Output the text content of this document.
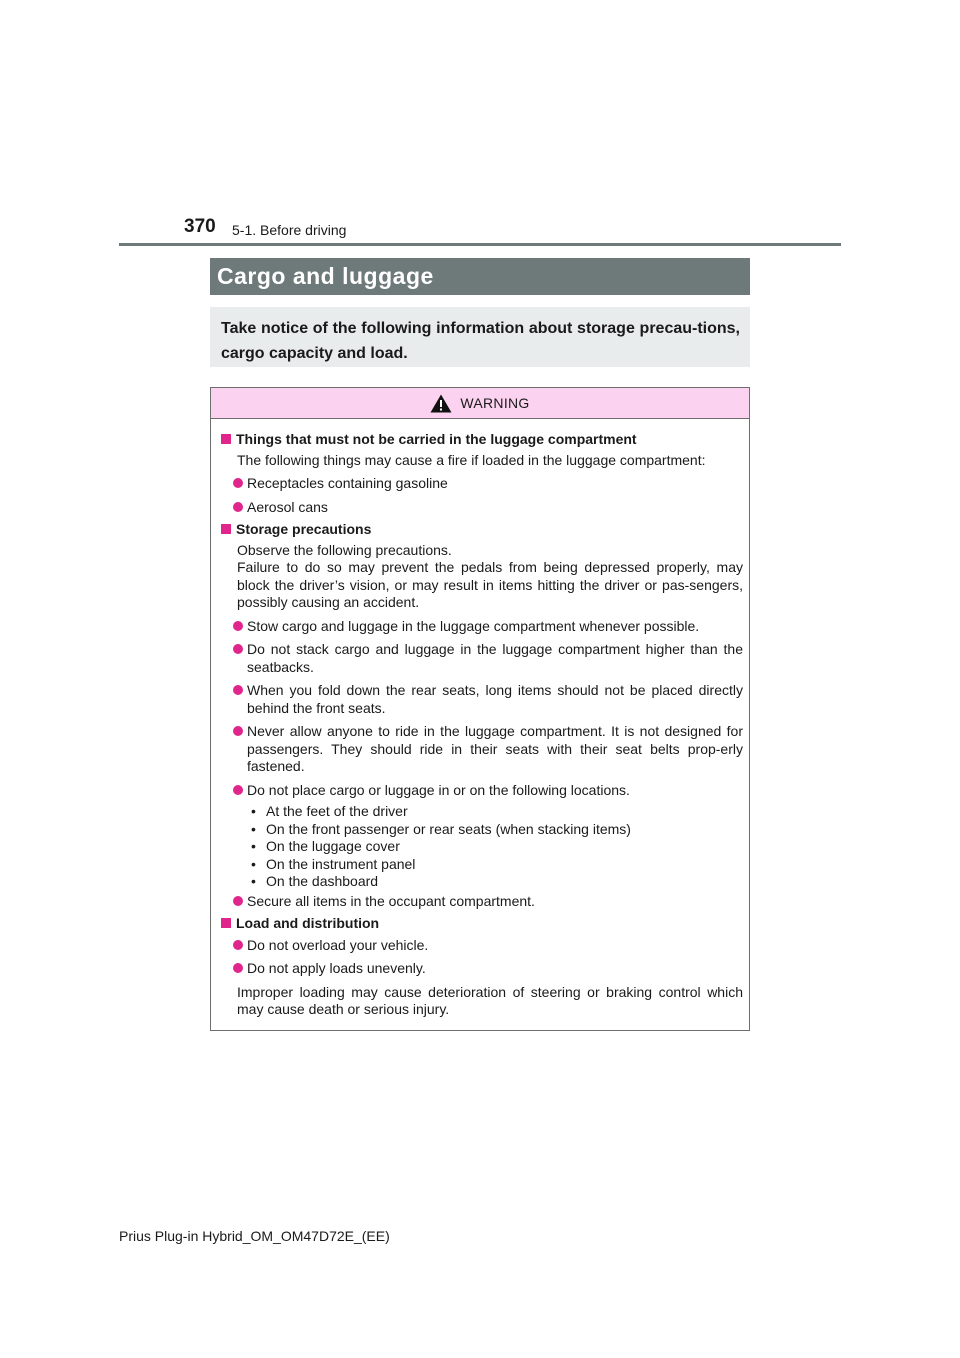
370 5-1. Before driving
Cargo and luggage

Take notice of the following information about storage precau-tions, cargo capacity and load.

WARNING
Things that must not be carried in the luggage compartment

The following things may cause a fire if loaded in the luggage compartment:

Receptacles containing gasoline
Aerosol cans
Storage precautions

Observe the following precautions.

Failure to do so may prevent the pedals from being depressed properly, may block the driver’s vision, or may result in items hitting the driver or pas-sengers, possibly causing an accident.

Stow cargo and luggage in the luggage compartment whenever possible.
Do not stack cargo and luggage in the luggage compartment higher than the seatbacks.
When you fold down the rear seats, long items should not be placed directly behind the front seats.
Never allow anyone to ride in the luggage compartment. It is not designed for passengers. They should ride in their seats with their seat belts prop-erly fastened.
Do not place cargo or luggage in or on the following locations.
• At the feet of the driver
• On the front passenger or rear seats (when stacking items)
• On the luggage cover
• On the instrument panel
• On the dashboard
Secure all items in the occupant compartment.
Load and distribution
Do not overload your vehicle.
Do not apply loads unevenly.

Improper loading may cause deterioration of steering or braking control which may cause death or serious injury.

Prius Plug-in Hybrid_OM_OM47D72E_(EE)
